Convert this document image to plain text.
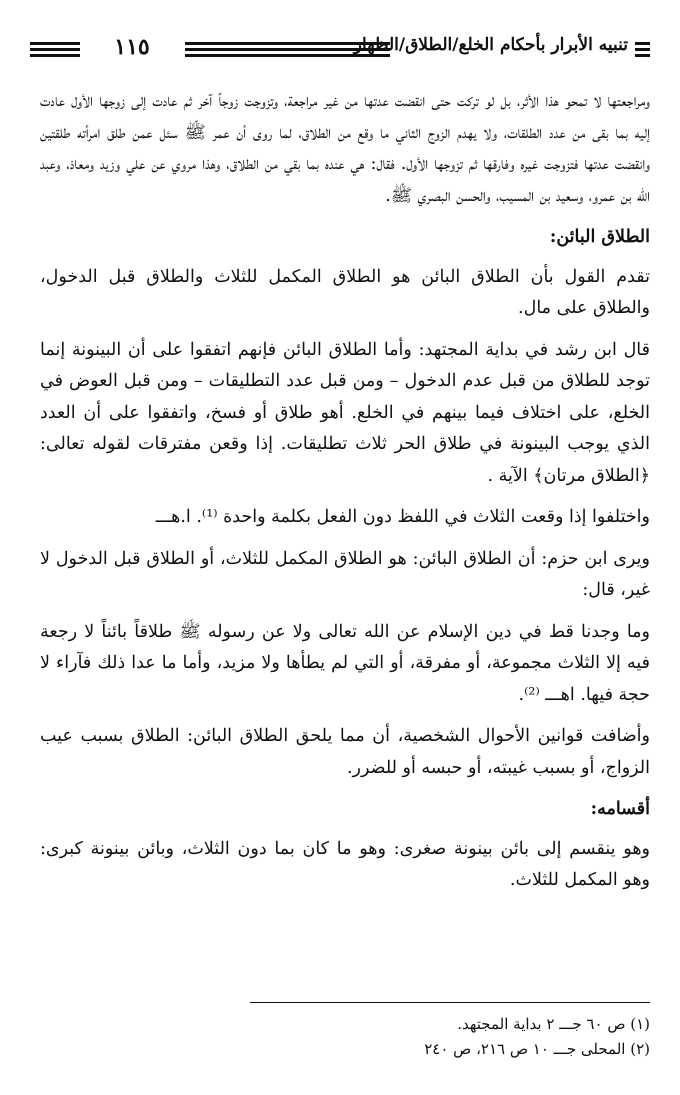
١١٥	تنبيه الأبرار بأحكام الخلع/الطلاق/الظهار

ومراجعتها لا تمحو هذا الأثر، بل لو تركت حتى انقضت عدتها من غير مراجعة، وتزوجت زوجاً آخر ثم عادت إلى زوجها الأول عادت إليه بما بقى من عدد الطلقات، ولا يهدم الزوج الثاني ما وقع من الطلاق، لما روى أن عمر ﷺ سئل عمن طلق امرأته طلقتين وانقضت عدتها فتزوجت غيره وفارقها ثم تزوجها الأول. فقال: هي عنده بما بقي من الطلاق، وهذا مروي عن علي وزيد ومعاذ، وعبد الله بن عمرو، وسعيد بن المسيب، والحسن البصري ﷺ.

الطلاق البائن:

تقدم القول بأن الطلاق البائن هو الطلاق المكمل للثلاث والطلاق قبل الدخول، والطلاق على مال.

قال ابن رشد في بداية المجتهد: وأما الطلاق البائن فإنهم اتفقوا على أن البينونة إنما توجد للطلاق من قبل عدم الدخول – ومن قبل عدد التطليقات – ومن قبل العوض في الخلع، على اختلاف فيما بينهم في الخلع. أهو طلاق أو فسخ، واتفقوا على أن العدد الذي يوجب البينونة في طلاق الحر ثلاث تطليقات. إذا وقعن مفترقات لقوله تعالى: ﴿الطلاق مرتان﴾ الآية .

واختلفوا إذا وقعت الثلاث في اللفظ دون الفعل بكلمة واحدة ⁽¹⁾. ا.هـــ

ويرى ابن حزم: أن الطلاق البائن: هو الطلاق المكمل للثلاث، أو الطلاق قبل الدخول لا غير، قال:

وما وجدنا قط في دين الإسلام عن الله تعالى ولا عن رسوله ﷺ طلاقاً بائناً لا رجعة فيه إلا الثلاث مجموعة، أو مفرقة، أو التي لم يطأها ولا مزيد، وأما ما عدا ذلك فآراء لا حجة فيها. اهـــ ⁽²⁾.

وأضافت قوانين الأحوال الشخصية، أن مما يلحق الطلاق البائن: الطلاق بسبب عيب الزواج، أو بسبب غيبته، أو حبسه أو للضرر.

أقسامه:

وهو ينقسم إلى بائن بينونة صغرى: وهو ما كان بما دون الثلاث، وبائن بينونة كبرى: وهو المكمل للثلاث.

(١) ص ٦٠ جـــ ٢ بداية المجتهد.
(٢) المحلى جـــ ١٠ ص ٢١٦، ص ٢٤٠
